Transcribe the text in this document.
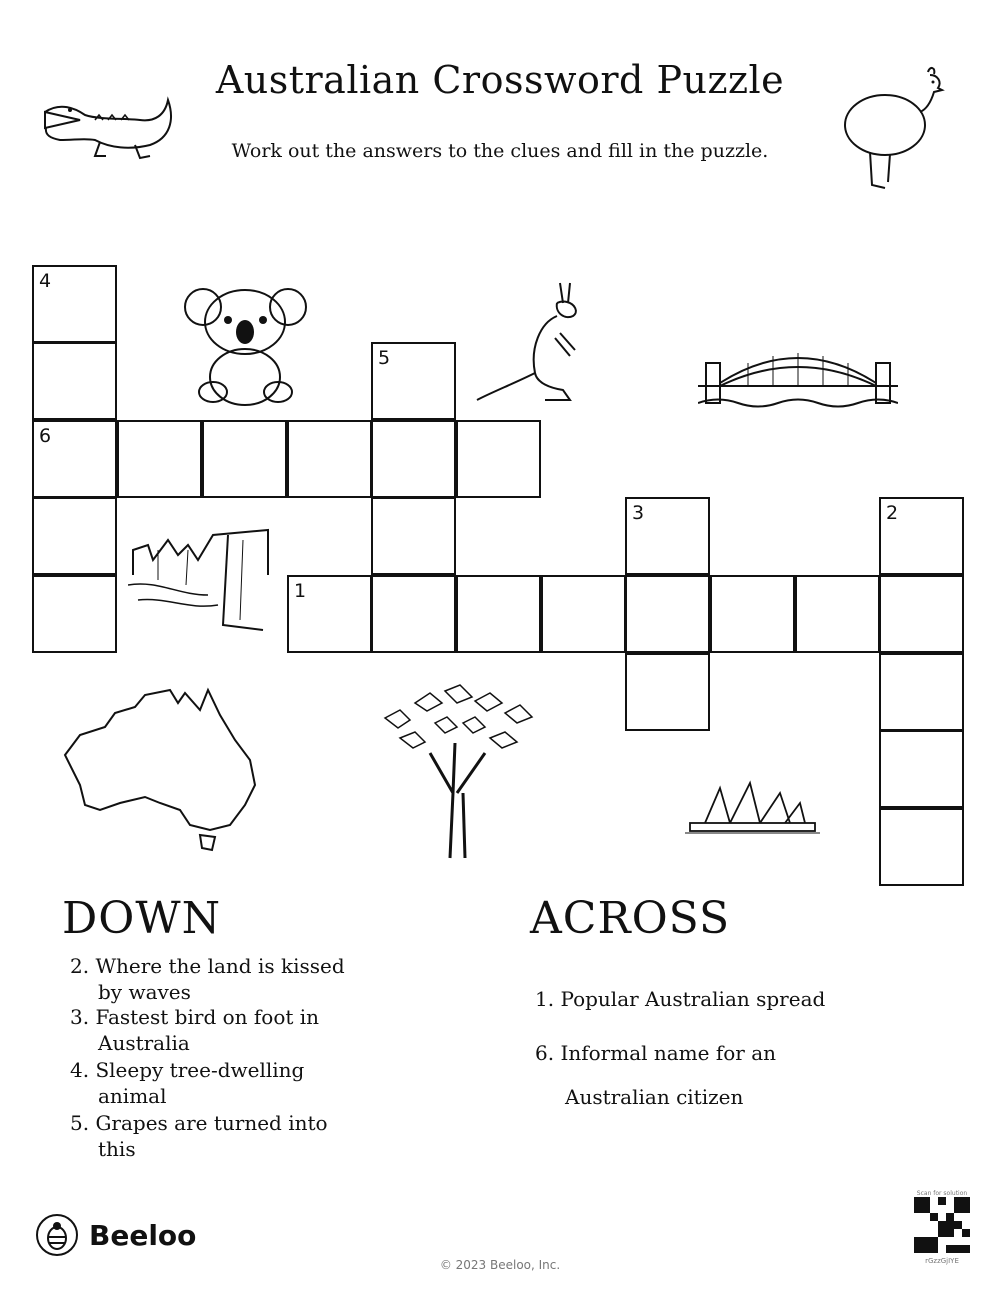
Australian Crossword Puzzle
Work out the answers to the clues and fill in the puzzle.
4
6
5
1
3	2
DOWN
2. Where the land is kissed
by waves
3. Fastest bird on foot in
Australia
4. Sleepy tree-dwelling
animal
5. Grapes are turned into
this
ACROSS
1. Popular Australian spread
6. Informal name for an
Australian citizen
Beeloo
© 2023 Beeloo, Inc.
Scan for solution
rGzzGjIYE
